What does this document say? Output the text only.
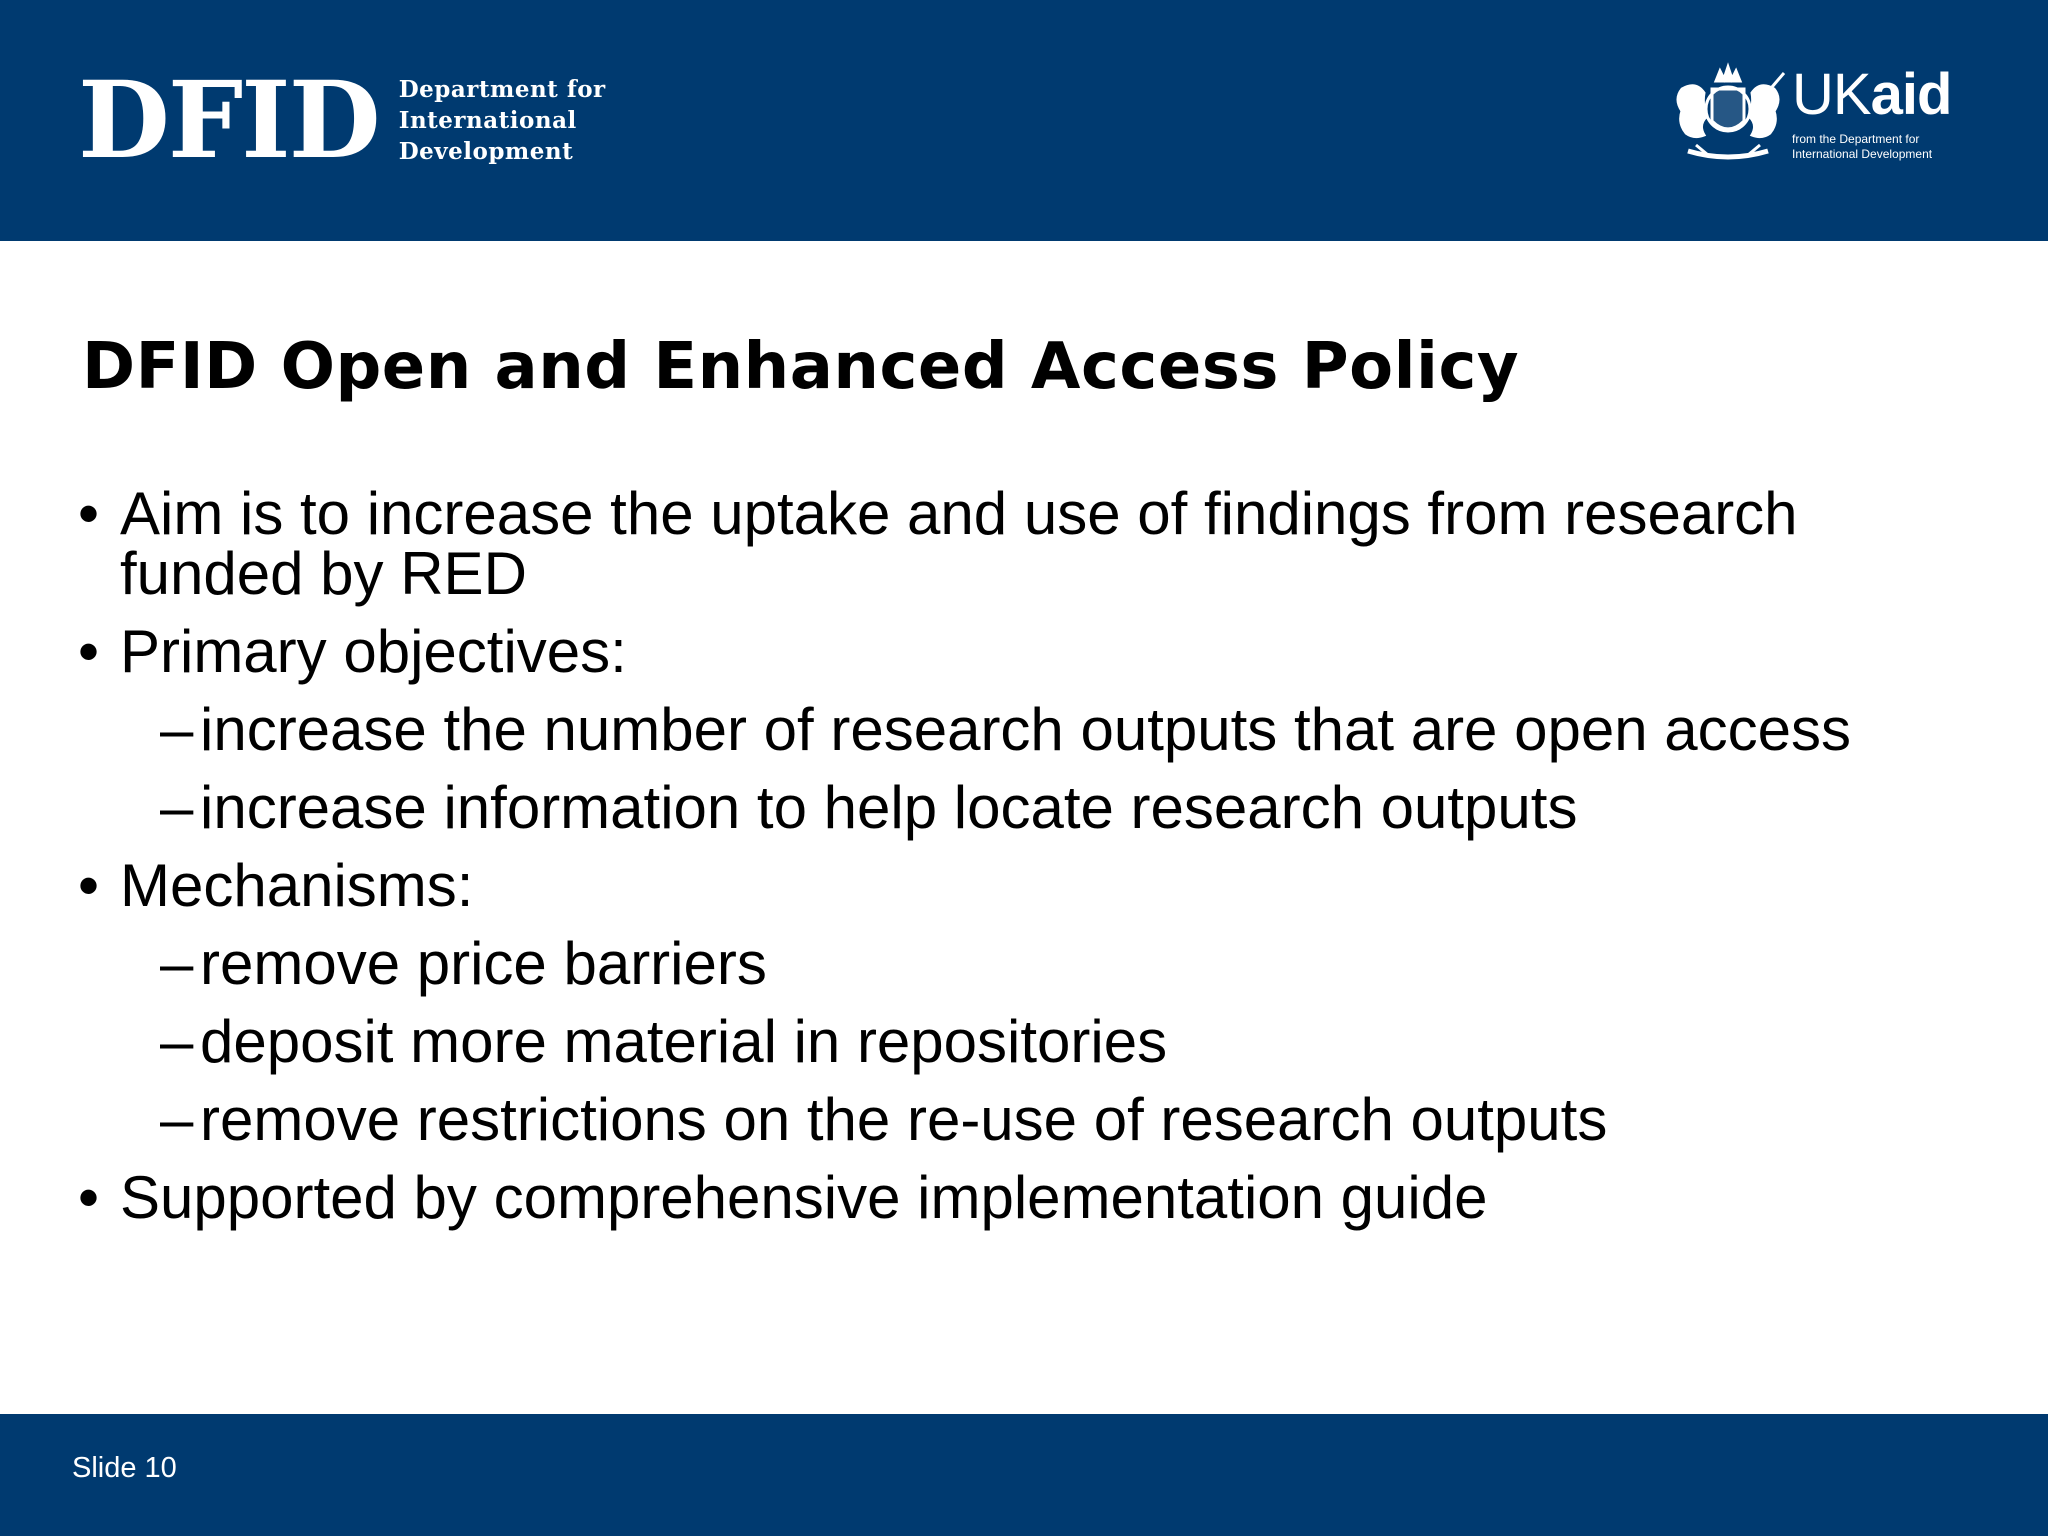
DFID Department for
International
Development
UKaid
from the Department for
International Development
DFID Open and Enhanced Access Policy
• Aim is to increase the uptake and use of findings from research funded by RED
• Primary objectives:
– increase the number of research outputs that are open access
– increase information to help locate research outputs
• Mechanisms:
– remove price barriers
– deposit more material in repositories
– remove restrictions on the re-use of research outputs
• Supported by comprehensive implementation guide
Slide 10
